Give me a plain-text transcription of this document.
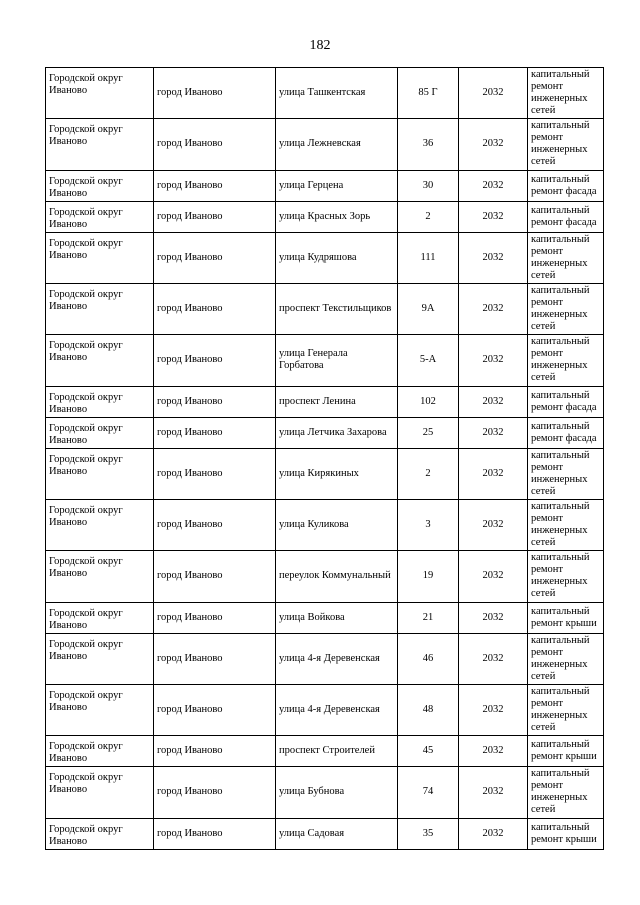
182
Городской округ Иваново	город Иваново	улица Ташкентская	85 Г	2032	капитальный ремонт инженерных сетей
Городской округ Иваново	город Иваново	улица Лежневская	36	2032	капитальный ремонт инженерных сетей
Городской округ Иваново	город Иваново	улица Герцена	30	2032	капитальный ремонт фасада
Городской округ Иваново	город Иваново	улица Красных Зорь	2	2032	капитальный ремонт фасада
Городской округ Иваново	город Иваново	улица Кудряшова	111	2032	капитальный ремонт инженерных сетей
Городской округ Иваново	город Иваново	проспект Текстильщиков	9А	2032	капитальный ремонт инженерных сетей
Городской округ Иваново	город Иваново	улица Генерала Горбатова	5-А	2032	капитальный ремонт инженерных сетей
Городской округ Иваново	город Иваново	проспект Ленина	102	2032	капитальный ремонт фасада
Городской округ Иваново	город Иваново	улица Летчика Захарова	25	2032	капитальный ремонт фасада
Городской округ Иваново	город Иваново	улица Кирякиных	2	2032	капитальный ремонт инженерных сетей
Городской округ Иваново	город Иваново	улица Куликова	3	2032	капитальный ремонт инженерных сетей
Городской округ Иваново	город Иваново	переулок Коммунальный	19	2032	капитальный ремонт инженерных сетей
Городской округ Иваново	город Иваново	улица Войкова	21	2032	капитальный ремонт крыши
Городской округ Иваново	город Иваново	улица 4-я Деревенская	46	2032	капитальный ремонт инженерных сетей
Городской округ Иваново	город Иваново	улица 4-я Деревенская	48	2032	капитальный ремонт инженерных сетей
Городской округ Иваново	город Иваново	проспект Строителей	45	2032	капитальный ремонт крыши
Городской округ Иваново	город Иваново	улица Бубнова	74	2032	капитальный ремонт инженерных сетей
Городской округ Иваново	город Иваново	улица Садовая	35	2032	капитальный ремонт крыши
